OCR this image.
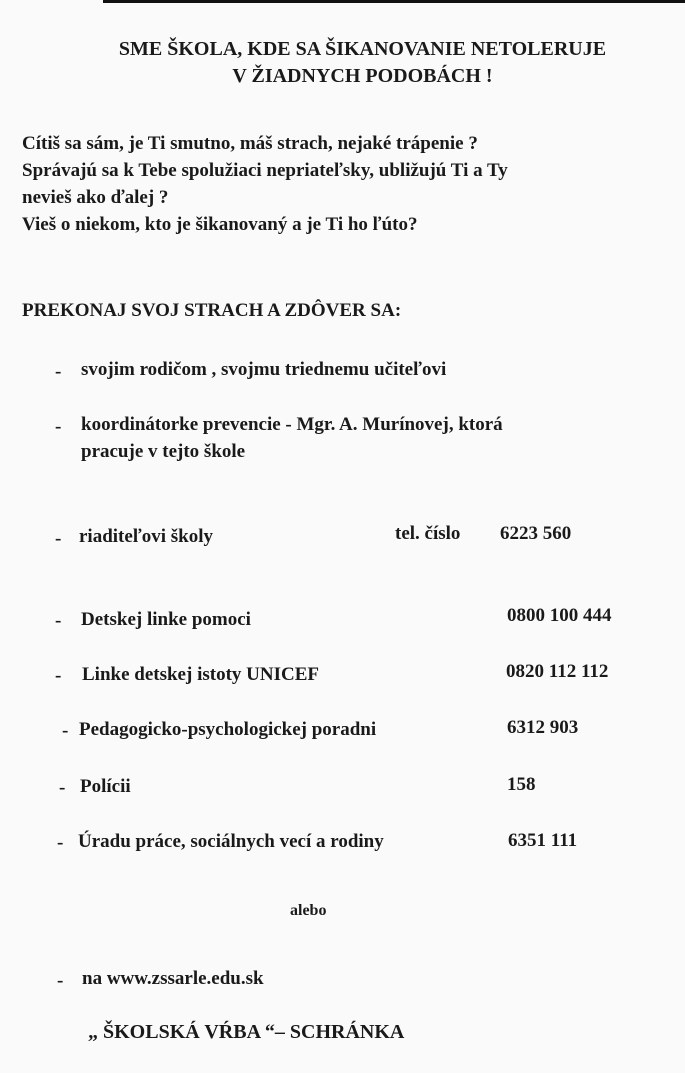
SME ŠKOLA, KDE SA ŠIKANOVANIE NETOLERUJE
V ŽIADNYCH PODOBÁCH !
Cítiš sa sám, je Ti smutno, máš strach, nejaké trápenie ?
Správajú sa k Tebe spolužiaci nepriateľsky, ubližujú Ti a Ty
nevieš ako ďalej ?
Vieš o niekom, kto je šikanovaný a je Ti ho ľúto?
PREKONAJ SVOJ STRACH A ZDÔVER SA:
- svojim rodičom , svojmu triednemu učiteľovi
- koordinátorke prevencie - Mgr. A. Murínovej, ktorá
pracuje v tejto škole
- riaditeľovi školy	tel. číslo 6223 560
- Detskej linke pomoci	0800 100 444
- Linke detskej istoty UNICEF	0820 112 112
- Pedagogicko-psychologickej poradni	6312 903
- Polícii	158
- Úradu práce, sociálnych vecí a rodiny	6351 111
alebo
- na www.zssarle.edu.sk
„ ŠKOLSKÁ VŔBA “– SCHRÁNKA
